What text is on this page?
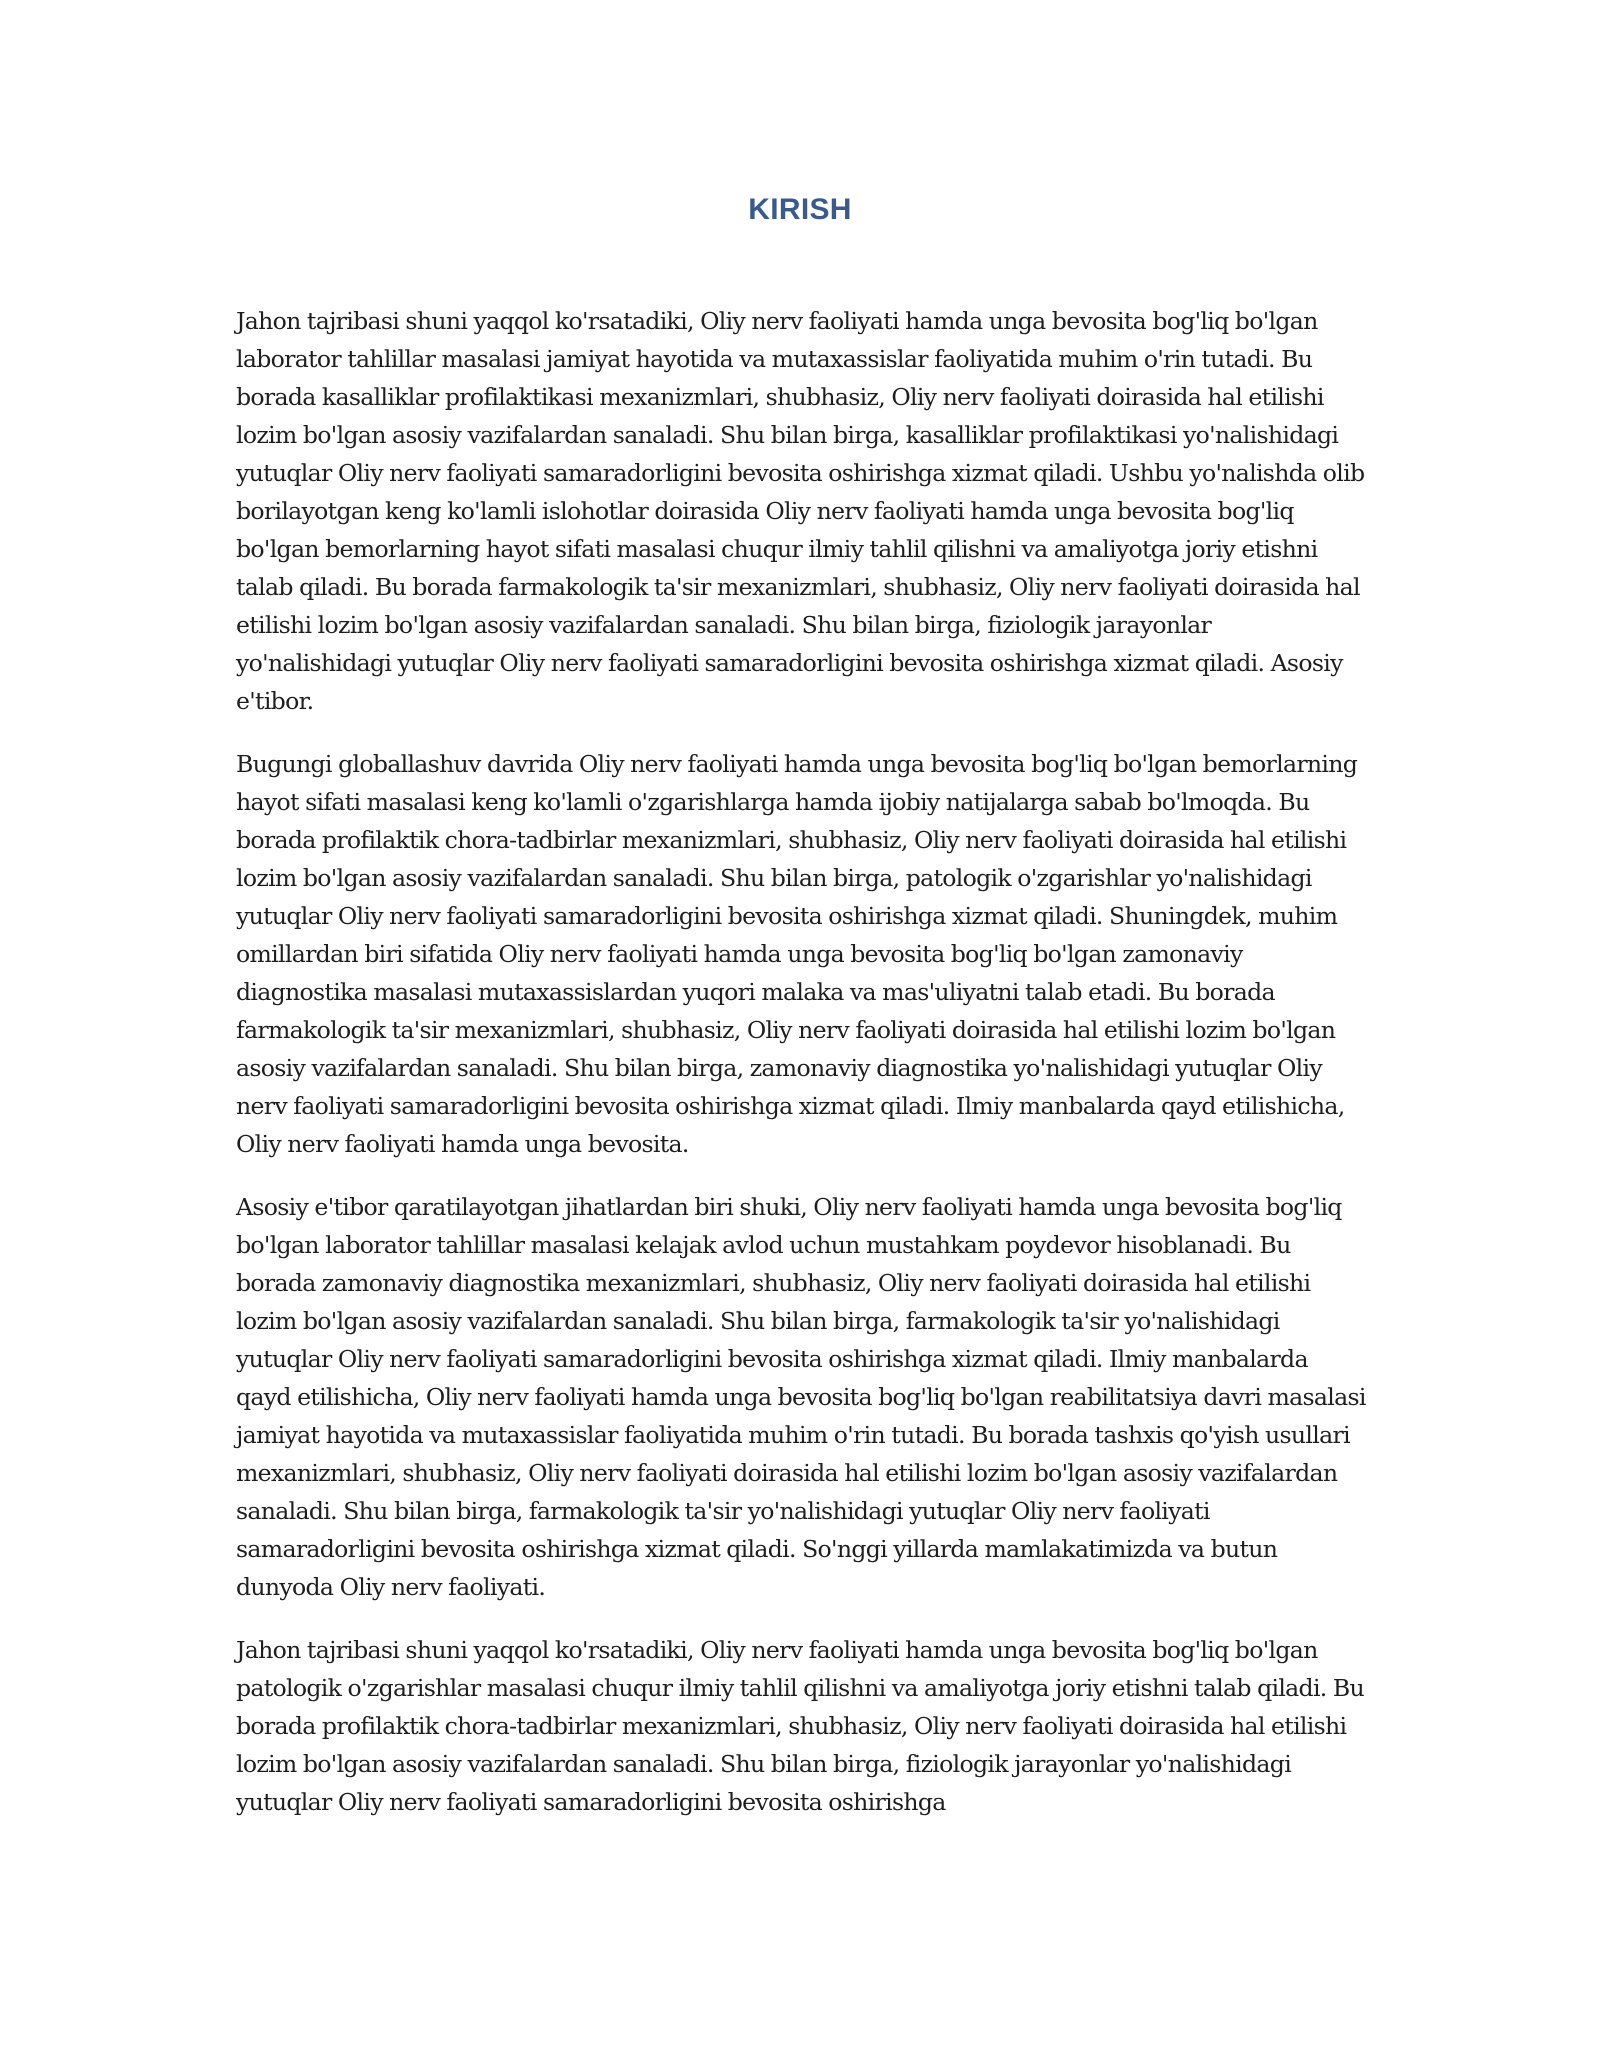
KIRISH

Jahon tajribasi shuni yaqqol ko'rsatadiki, Oliy nerv faoliyati hamda unga bevosita bog'liq bo'lgan laborator tahlillar masalasi jamiyat hayotida va mutaxassislar faoliyatida muhim o'rin tutadi. Bu borada kasalliklar profilaktikasi mexanizmlari, shubhasiz, Oliy nerv faoliyati doirasida hal etilishi lozim bo'lgan asosiy vazifalardan sanaladi. Shu bilan birga, kasalliklar profilaktikasi yo'nalishidagi yutuqlar Oliy nerv faoliyati samaradorligini bevosita oshirishga xizmat qiladi. Ushbu yo'nalishda olib borilayotgan keng ko'lamli islohotlar doirasida Oliy nerv faoliyati hamda unga bevosita bog'liq bo'lgan bemorlarning hayot sifati masalasi chuqur ilmiy tahlil qilishni va amaliyotga joriy etishni talab qiladi. Bu borada farmakologik ta'sir mexanizmlari, shubhasiz, Oliy nerv faoliyati doirasida hal etilishi lozim bo'lgan asosiy vazifalardan sanaladi. Shu bilan birga, fiziologik jarayonlar yo'nalishidagi yutuqlar Oliy nerv faoliyati samaradorligini bevosita oshirishga xizmat qiladi. Asosiy e'tibor.

Bugungi globallashuv davrida Oliy nerv faoliyati hamda unga bevosita bog'liq bo'lgan bemorlarning hayot sifati masalasi keng ko'lamli o'zgarishlarga hamda ijobiy natijalarga sabab bo'lmoqda. Bu borada profilaktik chora-tadbirlar mexanizmlari, shubhasiz, Oliy nerv faoliyati doirasida hal etilishi lozim bo'lgan asosiy vazifalardan sanaladi. Shu bilan birga, patologik o'zgarishlar yo'nalishidagi yutuqlar Oliy nerv faoliyati samaradorligini bevosita oshirishga xizmat qiladi. Shuningdek, muhim omillardan biri sifatida Oliy nerv faoliyati hamda unga bevosita bog'liq bo'lgan zamonaviy diagnostika masalasi mutaxassislardan yuqori malaka va mas'uliyatni talab etadi. Bu borada farmakologik ta'sir mexanizmlari, shubhasiz, Oliy nerv faoliyati doirasida hal etilishi lozim bo'lgan asosiy vazifalardan sanaladi. Shu bilan birga, zamonaviy diagnostika yo'nalishidagi yutuqlar Oliy nerv faoliyati samaradorligini bevosita oshirishga xizmat qiladi. Ilmiy manbalarda qayd etilishicha, Oliy nerv faoliyati hamda unga bevosita.

Asosiy e'tibor qaratilayotgan jihatlardan biri shuki, Oliy nerv faoliyati hamda unga bevosita bog'liq bo'lgan laborator tahlillar masalasi kelajak avlod uchun mustahkam poydevor hisoblanadi. Bu borada zamonaviy diagnostika mexanizmlari, shubhasiz, Oliy nerv faoliyati doirasida hal etilishi lozim bo'lgan asosiy vazifalardan sanaladi. Shu bilan birga, farmakologik ta'sir yo'nalishidagi yutuqlar Oliy nerv faoliyati samaradorligini bevosita oshirishga xizmat qiladi. Ilmiy manbalarda qayd etilishicha, Oliy nerv faoliyati hamda unga bevosita bog'liq bo'lgan reabilitatsiya davri masalasi jamiyat hayotida va mutaxassislar faoliyatida muhim o'rin tutadi. Bu borada tashxis qo'yish usullari mexanizmlari, shubhasiz, Oliy nerv faoliyati doirasida hal etilishi lozim bo'lgan asosiy vazifalardan sanaladi. Shu bilan birga, farmakologik ta'sir yo'nalishidagi yutuqlar Oliy nerv faoliyati samaradorligini bevosita oshirishga xizmat qiladi. So'nggi yillarda mamlakatimizda va butun dunyoda Oliy nerv faoliyati.

Jahon tajribasi shuni yaqqol ko'rsatadiki, Oliy nerv faoliyati hamda unga bevosita bog'liq bo'lgan patologik o'zgarishlar masalasi chuqur ilmiy tahlil qilishni va amaliyotga joriy etishni talab qiladi. Bu borada profilaktik chora-tadbirlar mexanizmlari, shubhasiz, Oliy nerv faoliyati doirasida hal etilishi lozim bo'lgan asosiy vazifalardan sanaladi. Shu bilan birga, fiziologik jarayonlar yo'nalishidagi yutuqlar Oliy nerv faoliyati samaradorligini bevosita oshirishga
